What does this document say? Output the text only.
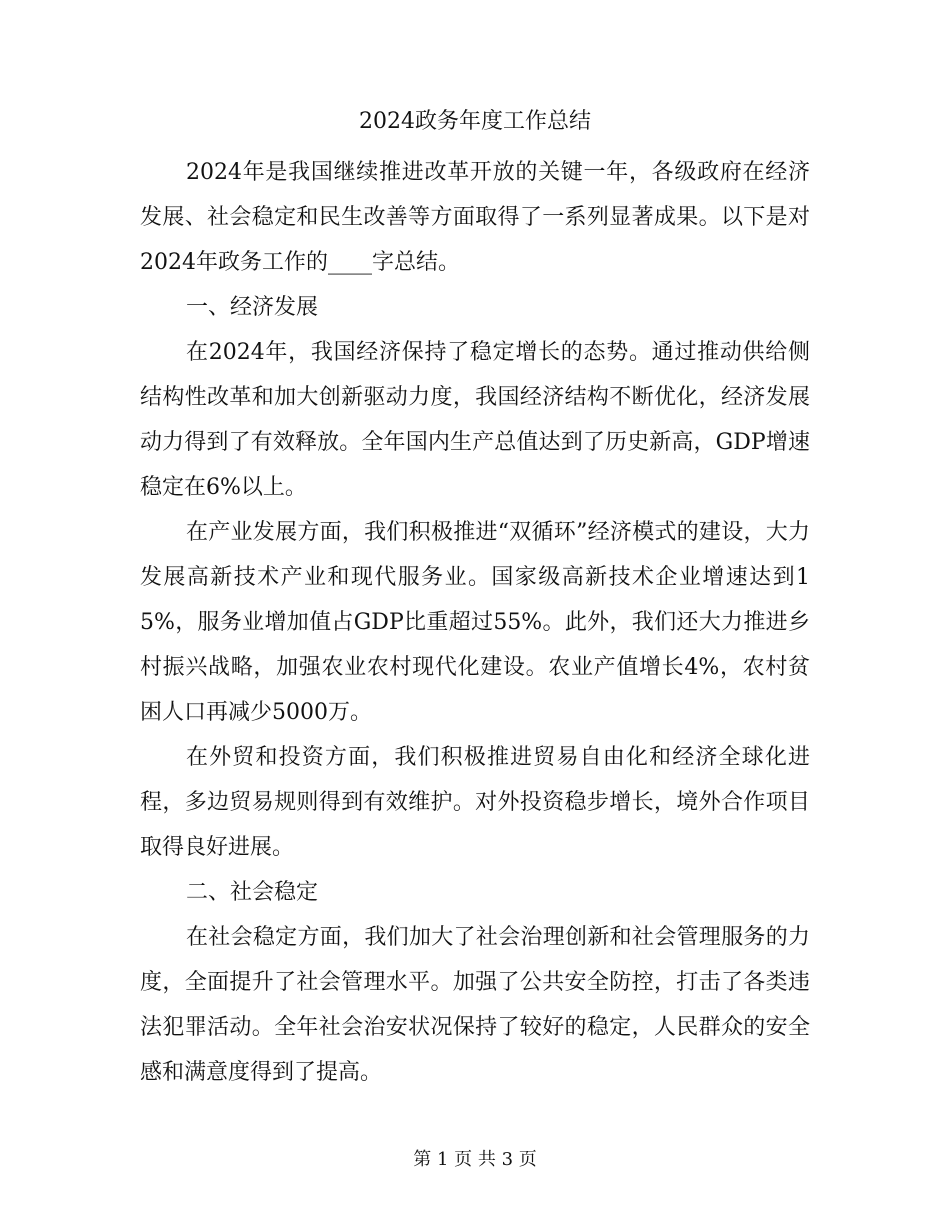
2024政务年度工作总结

2024年是我国继续推进改革开放的关键一年，各级政府在经济发展、社会稳定和民生改善等方面取得了一系列显著成果。以下是对2024年政务工作的____字总结。

一、经济发展

在2024年，我国经济保持了稳定增长的态势。通过推动供给侧结构性改革和加大创新驱动力度，我国经济结构不断优化，经济发展动力得到了有效释放。全年国内生产总值达到了历史新高，GDP增速稳定在6%以上。

在产业发展方面，我们积极推进“双循环”经济模式的建设，大力发展高新技术产业和现代服务业。国家级高新技术企业增速达到15%，服务业增加值占GDP比重超过55%。此外，我们还大力推进乡村振兴战略，加强农业农村现代化建设。农业产值增长4%，农村贫困人口再减少5000万。

在外贸和投资方面，我们积极推进贸易自由化和经济全球化进程，多边贸易规则得到有效维护。对外投资稳步增长，境外合作项目取得良好进展。

二、社会稳定

在社会稳定方面，我们加大了社会治理创新和社会管理服务的力度，全面提升了社会管理水平。加强了公共安全防控，打击了各类违法犯罪活动。全年社会治安状况保持了较好的稳定，人民群众的安全感和满意度得到了提高。

第 1 页 共 3 页
